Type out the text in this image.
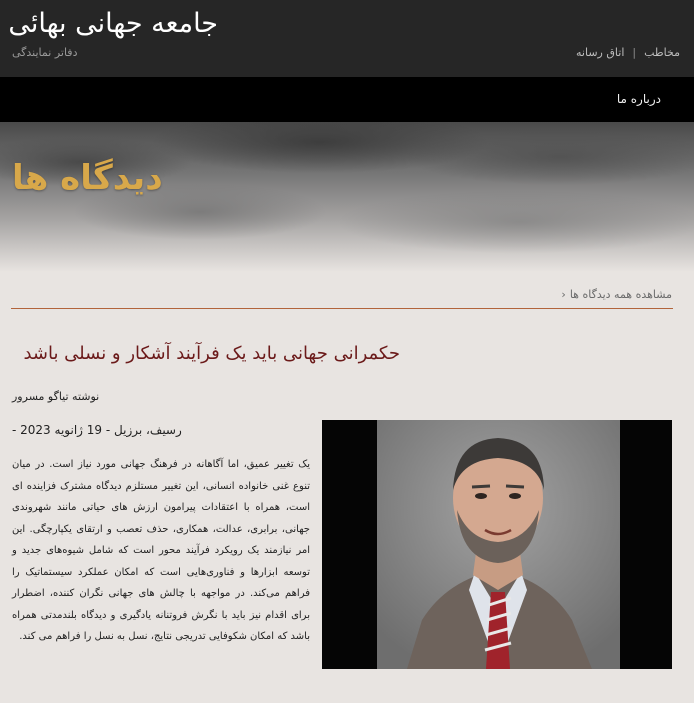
جامعه جهانی بهائی
دفاتر نمایندگی	مخاطب|اتاق رسانه
درباره ما
دیدگاه ها
مشاهده همه دیدگاه ها‹
حکمرانی جهانی باید یک فرآیند آشکار و نسلی باشد
نوشته تیاگو مسرور
- رسیف، برزیل - 19 ژانویه 2023
یک تغییر عمیق، اما آگاهانه در فرهنگ جهانی مورد نیاز است. در میان تنوع غنی خانواده انسانی، این تغییر مستلزم دیدگاه مشترک فزاینده ای است، همراه با اعتقادات پیرامون ارزش های حیاتی مانند شهروندی جهانی، برابری، عدالت، همکاری، حذف تعصب و ارتقای یکپارچگی. این امر نیازمند یک رویکرد فرآیند محور است که شامل شیوه‌های جدید و توسعه ابزارها و فناوری‌هایی است که امکان عملکرد سیستماتیک را فراهم می‌کند. در مواجهه با چالش های جهانی نگران کننده، اضطرار برای اقدام نیز باید با نگرش فروتنانه یادگیری و دیدگاه بلندمدتی همراه باشد که امکان شکوفایی تدریجی نتایج، نسل به نسل را فراهم می کند.
